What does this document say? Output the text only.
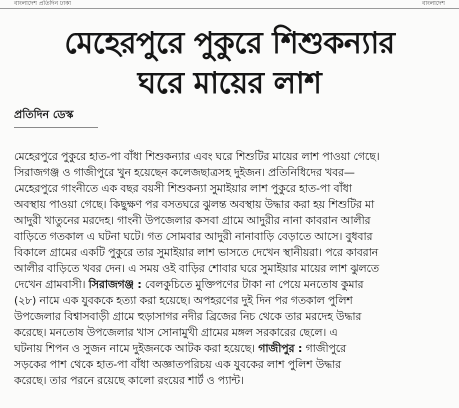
বাংলাদেশ প্রতিদিন ঢাকা	বাংলাদেশ
মেহেরপুরে পুকুরে শিশুকন্যার
ঘরে মায়ের লাশ
প্রতিদিন ডেস্ক
মেহেরপুরে পুকুরে হাত-পা বাঁধা শিশুকন্যার এবং ঘরে শিশুটির মায়ের লাশ পাওয়া গেছে।
সিরাজগঞ্জ ও গাজীপুরে খুন হয়েছেন কলেজছাত্রসহ দুইজন। প্রতিনিধিদের খবর—
মেহেরপুরে গাংনীতে এক বছর বয়সী শিশুকন্যা সুমাইয়ার লাশ পুকুরে হাত-পা বাঁধা
অবস্থায় পাওয়া গেছে। কিছুক্ষণ পর বসতঘরে ঝুলন্ত অবস্থায় উদ্ধার করা হয় শিশুটির মা
আদুরী খাতুনের মরদেহ। গাংনী উপজেলার কসবা গ্রামে আদুরীর নানা কাবরান আলীর
বাড়িতে গতকাল এ ঘটনা ঘটে। গত সোমবার আদুরী নানাবাড়ি বেড়াতে আসে। বুধবার
বিকালে গ্রামের একটি পুকুরে তার সুমাইয়ার লাশ ভাসতে দেখেন স্থানীয়রা। পরে কাবরান
আলীর বাড়িতে খবর দেন। এ সময় ওই বাড়ির শোবার ঘরে সুমাইয়ার মায়ের লাশ ঝুলতে
দেখেন গ্রামবাসী। সিরাজগঞ্জ : বেলকুচিতে মুক্তিপণের টাকা না পেয়ে মনতোষ কুমার
(২৮) নামে এক যুবককে হত্যা করা হয়েছে। অপহরণের দুই দিন পর গতকাল পুলিশ
উপজেলার বিশ্বাসবাড়ী গ্রামে হুড়াসাগর নদীর ব্রিজের নিচ থেকে তার মরদেহ উদ্ধার
করেছে। মনতোষ উপজেলার খাস সোনামুখী গ্রামের মঙ্গল সরকারের ছেলে। এ
ঘটনায় শিপন ও সুজন নামে দুইজনকে আটক করা হয়েছে। গাজীপুর : গাজীপুরে
সড়কের পাশ থেকে হাত-পা বাঁধা অজ্ঞাতপরিচয় এক যুবকের লাশ পুলিশ উদ্ধার
করেছে। তার পরনে রয়েছে কালো রংয়ের শার্ট ও প্যান্ট।
